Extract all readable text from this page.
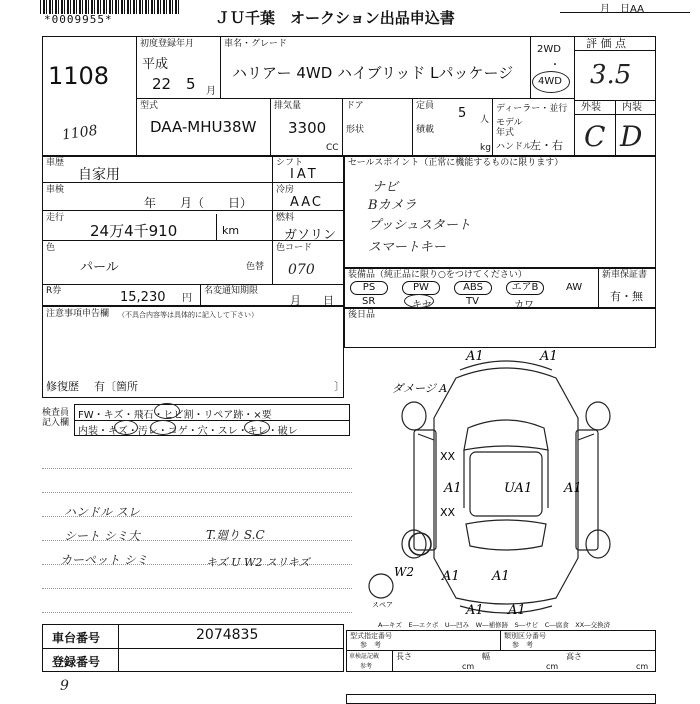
*0009955*	ＪＵ千葉　オークション出品申込書	月　日AA
1108
1108
初度登録年月
平成
22 5 月
車名・グレード
ハリアー 4WD ハイブリッド Lパッケージ
2WD
・
4WD
評 価 点
3.5
外装 内装
C D
型式
DAA-MHU38W
排気量
3300
CC
ドア
形状
定員 5 人
積載
kg
ディーラー・並行
モデル
年式
ハンドル
左・右
車歴
自家用
車検
年　　月（　　日）
走行
24万4千910	km
色
パール	色替
R券	15,230 円
名変通知期限
月　　日
シフト
IAT
冷房
AAC
燃料
ガソリン
色コード
070
セールスポイント（正常に機能するものに限ります）
ナビ
Bカメラ
プッシュスタート
スマートキー
装備品（純正品に限り○をつけてください）	新車保証書
有・無
PS	PW	ABS	エアB	AW
SR	キセ	TV	カワ
後日品
注意事項申告欄 （不具合内容等は具体的に記入して下さい）
修復歴 有〔箇所	〕
検査員
記入欄
FW・キズ・飛石・ヒビ割・リペア跡・×要
内装・キズ・汚レ・コゲ・穴・スレ・キレ・破レ
ハンドル スレ
シート シミ大
カーペット シミ
T.廻り S.C
キズ U W2 スリキズ
A1	A1
ダメージ A
A1	UA1 A1
XX
XX
W2 A1 A1
A1 A1
スペア
A―キズ　E―エクボ　U―凹み　W―補修跡　S―サビ　C―腐食　XX―交換済
車台番号	2074835
登録番号
型式指定番号
参　考
類別区分番号
参　考
車検証記載
参考
長さ
cm
幅
cm
高さ
cm
9
